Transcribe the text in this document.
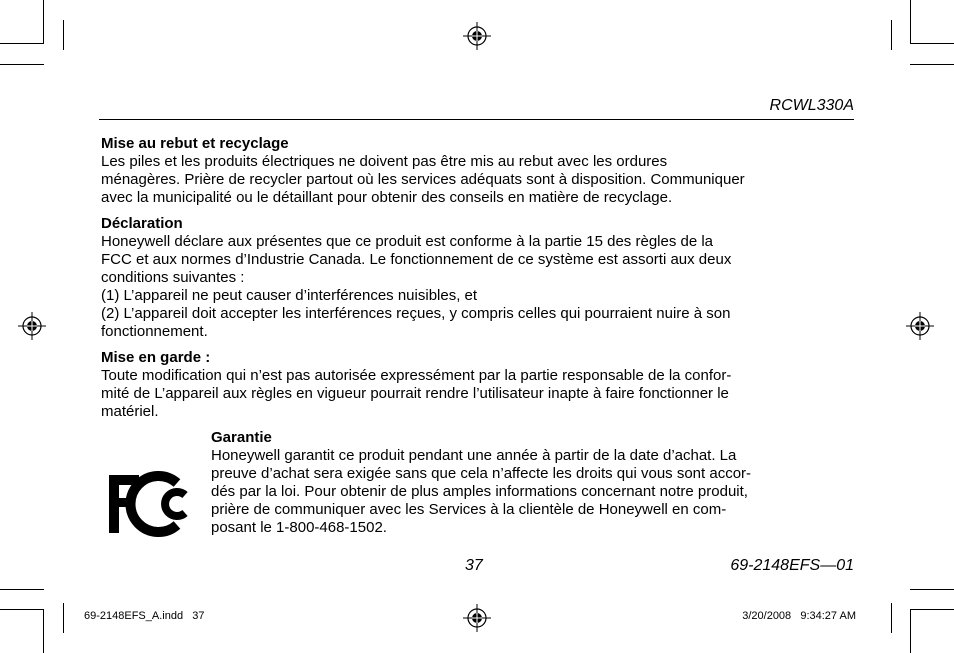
RCWL330A
Mise au rebut et recyclage
Les piles et les produits électriques ne doivent pas être mis au rebut avec les ordures
ménagères. Prière de recycler partout où les services adéquats sont à disposition. Communiquer
avec la municipalité ou le détaillant pour obtenir des conseils en matière de recyclage.
Déclaration
Honeywell déclare aux présentes que ce produit est conforme à la partie 15 des règles de la
FCC et aux normes d’Industrie Canada. Le fonctionnement de ce système est assorti aux deux
conditions suivantes :
(1) L’appareil ne peut causer d’interférences nuisibles, et
(2) L’appareil doit accepter les interférences reçues, y compris celles qui pourraient nuire à son
fonctionnement.
Mise en garde :
Toute modification qui n’est pas autorisée expressément par la partie responsable de la confor-
mité de L’appareil aux règles en vigueur pourrait rendre l’utilisateur inapte à faire fonctionner le
matériel.
Garantie
Honeywell garantit ce produit pendant une année à partir de la date d’achat. La
preuve d’achat sera exigée sans que cela n’affecte les droits qui vous sont accor-
dés par la loi. Pour obtenir de plus amples informations concernant notre produit,
prière de communiquer avec les Services à la clientèle de Honeywell en com-
posant le 1-800-468-1502.
37	69-2148EFS—01
69-2148EFS_A.indd   37	3/20/2008   9:34:27 AM
